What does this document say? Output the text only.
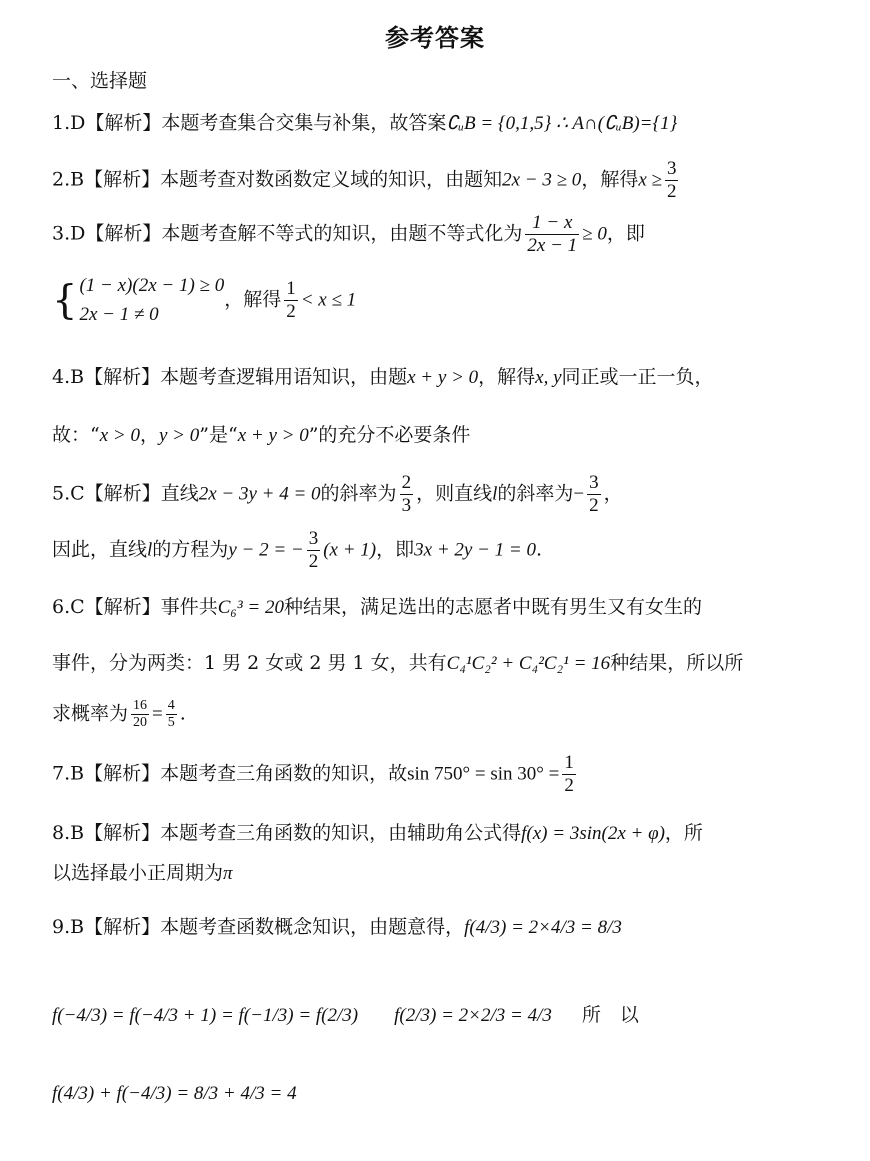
参考答案
一、选择题
1.D【解析】本题考查集合交集与补集，故答案∁ᵤB = {0,1,5} ∴ A∩(∁ᵤB)={1}
2.B【解析】本题考查对数函数定义域的知识，由题知2x − 3 ≥ 0，解得$x \ge \frac{3}{2}$
3.D【解析】本题考查解不等式的知识，由题不等式化为 $\frac{1 - x}{2x - 1} \ge 0$，即
{ (1 − x)(2x − 1) ≥ 0
2x − 1 ≠ 0
，解得 $\frac{1}{2} < x \le 1$
4.B【解析】本题考查逻辑用语知识，由题x + y > 0，解得x, y同正或一正一负，
故：“x > 0，y > 0”是“x + y > 0”的充分不必要条件
5.C【解析】直线2x − 3y + 4 = 0的斜率为 $\frac{2}{3}$ ，则直线l的斜率为− $\frac{3}{2}$ ，
因此，直线l的方程为y − 2 = − $\frac{3}{2} (x + 1)$，即3x + 2y − 1 = 0.
6.C【解析】事件共C₆³ = 20种结果，满足选出的志愿者中既有男生又有女生的
事件，分为两类：1 男 2 女或 2 男 1 女，共有C₄¹C₂² + C₄²C₂¹ = 16种结果，所以所
求概率为 $\frac{16}{20} = \frac{4}{5}$ .
7.B【解析】本题考查三角函数的知识，故$\sin 750^\circ = \sin 30^\circ = \frac{1}{2}$
8.B【解析】本题考查三角函数的知识，由辅助角公式得f(x) = 3sin(2x + φ)，所
以选择最小正周期为π
9.B【解析】本题考查函数概念知识，由题意得，f(4/3) = 2×4/3 = 8/3
f(−4/3) = f(−4/3 + 1) = f(−1/3) = f(2/3) f(2/3) = 2×2/3 = 4/3 所　以
f(4/3) + f(−4/3) = 8/3 + 4/3 = 4
